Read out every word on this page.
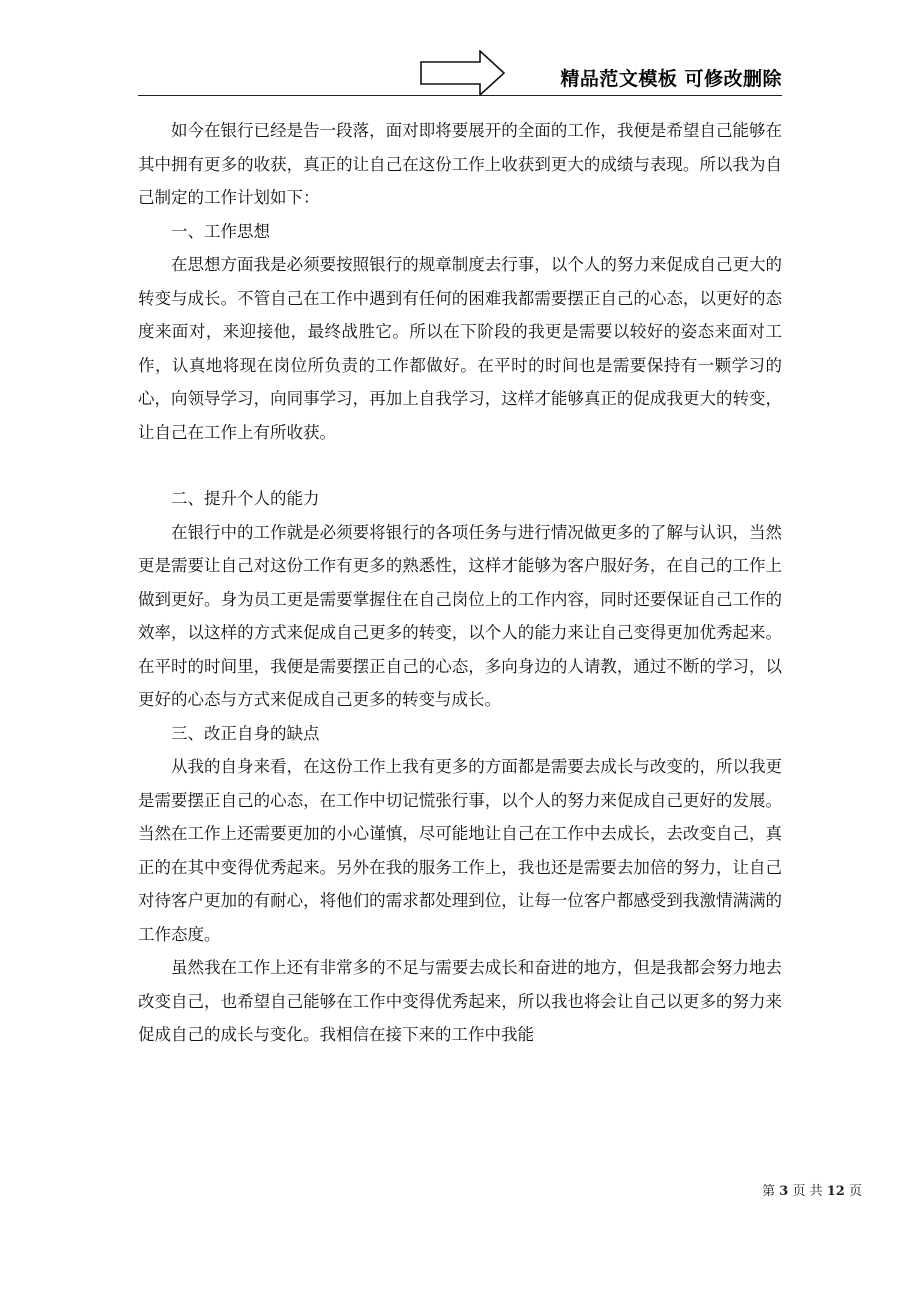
精品范文模板 可修改删除

如今在银行已经是告一段落，面对即将要展开的全面的工作，我便是希望自己能够在其中拥有更多的收获，真正的让自己在这份工作上收获到更大的成绩与表现。所以我为自己制定的工作计划如下：

一、工作思想

在思想方面我是必须要按照银行的规章制度去行事，以个人的努力来促成自己更大的转变与成长。不管自己在工作中遇到有任何的困难我都需要摆正自己的心态，以更好的态度来面对，来迎接他，最终战胜它。所以在下阶段的我更是需要以较好的姿态来面对工作，认真地将现在岗位所负责的工作都做好。在平时的时间也是需要保持有一颗学习的心，向领导学习，向同事学习，再加上自我学习，这样才能够真正的促成我更大的转变，让自己在工作上有所收获。

二、提升个人的能力

在银行中的工作就是必须要将银行的各项任务与进行情况做更多的了解与认识，当然更是需要让自己对这份工作有更多的熟悉性，这样才能够为客户服好务，在自己的工作上做到更好。身为员工更是需要掌握住在自己岗位上的工作内容，同时还要保证自己工作的效率，以这样的方式来促成自己更多的转变，以个人的能力来让自己变得更加优秀起来。在平时的时间里，我便是需要摆正自己的心态，多向身边的人请教，通过不断的学习，以更好的心态与方式来促成自己更多的转变与成长。

三、改正自身的缺点

从我的自身来看，在这份工作上我有更多的方面都是需要去成长与改变的，所以我更是需要摆正自己的心态，在工作中切记慌张行事，以个人的努力来促成自己更好的发展。当然在工作上还需要更加的小心谨慎，尽可能地让自己在工作中去成长，去改变自己，真正的在其中变得优秀起来。另外在我的服务工作上，我也还是需要去加倍的努力，让自己对待客户更加的有耐心，将他们的需求都处理到位，让每一位客户都感受到我激情满满的工作态度。

虽然我在工作上还有非常多的不足与需要去成长和奋进的地方，但是我都会努力地去改变自己，也希望自己能够在工作中变得优秀起来，所以我也将会让自己以更多的努力来促成自己的成长与变化。我相信在接下来的工作中我能

第 3 页 共 12 页
